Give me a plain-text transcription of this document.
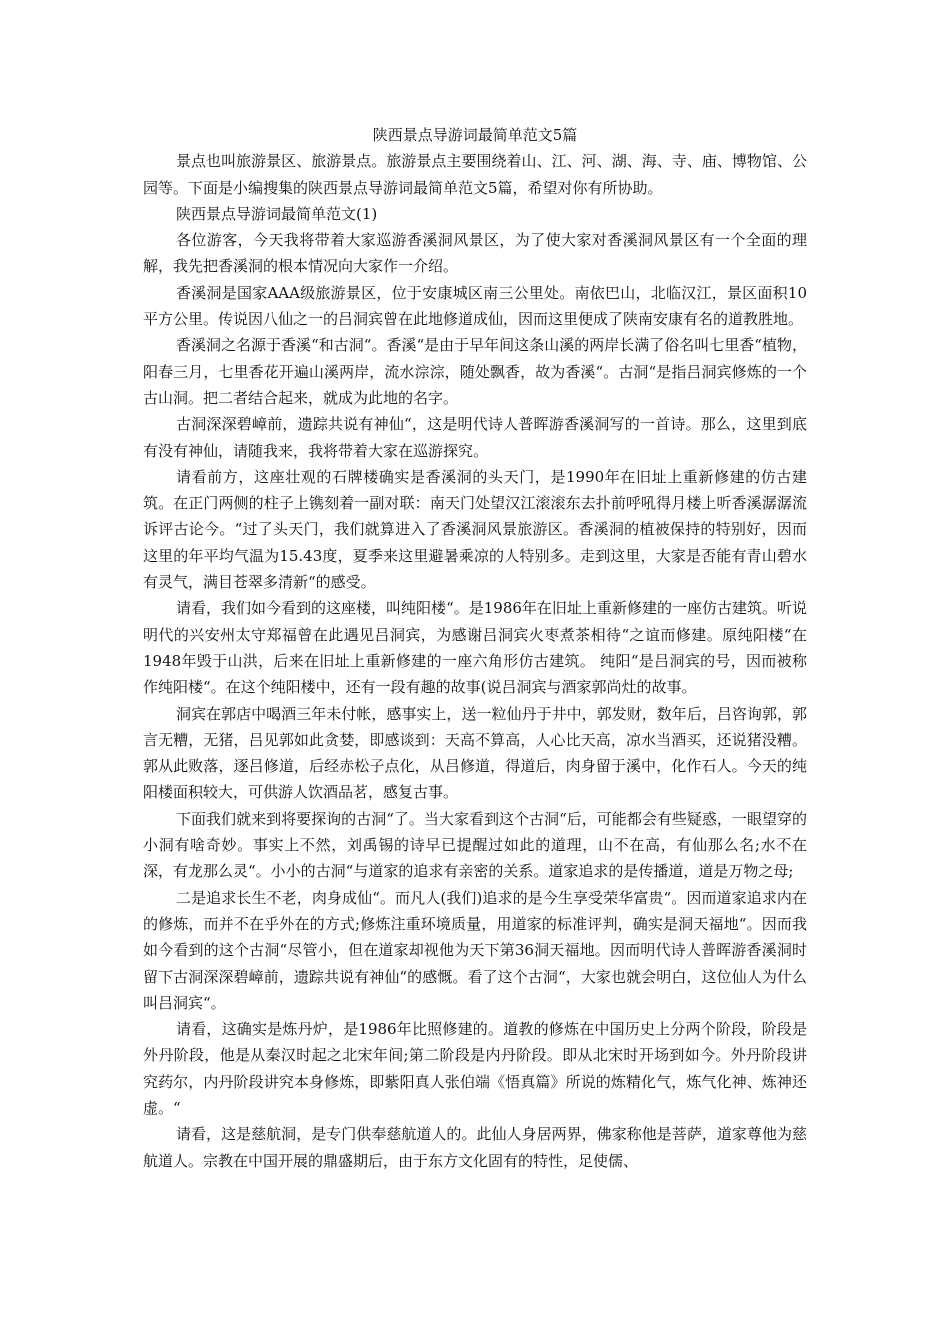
陕西景点导游词最简单范文5篇

景点也叫旅游景区、旅游景点。旅游景点主要围绕着山、江、河、湖、海、寺、庙、博物馆、公园等。下面是小编搜集的陕西景点导游词最简单范文5篇，希望对你有所协助。

陕西景点导游词最简单范文(1)

各位游客，今天我将带着大家巡游香溪洞风景区，为了使大家对香溪洞风景区有一个全面的理解，我先把香溪洞的根本情况向大家作一介绍。

香溪洞是国家AAA级旅游景区，位于安康城区南三公里处。南依巴山，北临汉江，景区面积10平方公里。传说因八仙之一的吕洞宾曾在此地修道成仙，因而这里便成了陕南安康有名的道教胜地。

香溪洞之名源于香溪“和古洞“。香溪“是由于早年间这条山溪的两岸长满了俗名叫七里香“植物，阳春三月，七里香花开遍山溪两岸，流水淙淙，随处飘香，故为香溪“。古洞“是指吕洞宾修炼的一个古山洞。把二者结合起来，就成为此地的名字。

古洞深深碧嶂前，遗踪共说有神仙“，这是明代诗人普晖游香溪洞写的一首诗。那么，这里到底有没有神仙，请随我来，我将带着大家在巡游探究。

请看前方，这座壮观的石牌楼确实是香溪洞的头天门，是1990年在旧址上重新修建的仿古建筑。在正门两侧的柱子上镌刻着一副对联：南天门处望汉江滚滚东去扑前呼吼得月楼上听香溪潺潺流诉评古论今。“过了头天门，我们就算进入了香溪洞风景旅游区。香溪洞的植被保持的特别好，因而这里的年平均气温为15.43度，夏季来这里避暑乘凉的人特别多。走到这里，大家是否能有青山碧水有灵气，满目苍翠多清新“的感受。

请看，我们如今看到的这座楼，叫纯阳楼“。是1986年在旧址上重新修建的一座仿古建筑。听说明代的兴安州太守郑福曾在此遇见吕洞宾，为感谢吕洞宾火枣煮茶相待“之谊而修建。原纯阳楼“在1948年毁于山洪，后来在旧址上重新修建的一座六角形仿古建筑。 纯阳“是吕洞宾的号，因而被称作纯阳楼“。在这个纯阳楼中，还有一段有趣的故事(说吕洞宾与酒家郭尚灶的故事。

洞宾在郭店中喝酒三年未付帐，感事实上，送一粒仙丹于井中，郭发财，数年后，吕咨询郭，郭言无糟，无猪，吕见郭如此贪婪，即感谈到：天高不算高，人心比天高，凉水当酒买，还说猪没糟。郭从此败落，逐吕修道，后经赤松子点化，从吕修道，得道后，肉身留于溪中，化作石人。今天的纯阳楼面积较大，可供游人饮酒品茗，感复古事。

下面我们就来到将要探询的古洞“了。当大家看到这个古洞“后，可能都会有些疑惑，一眼望穿的小洞有啥奇妙。事实上不然，刘禹锡的诗早已提醒过如此的道理，山不在高，有仙那么名;水不在深，有龙那么灵“。小小的古洞“与道家的追求有亲密的关系。道家追求的是传播道，道是万物之母;

二是追求长生不老，肉身成仙“。而凡人(我们)追求的是今生享受荣华富贵“。因而道家追求内在的修炼，而并不在乎外在的方式;修炼注重环境质量，用道家的标准评判，确实是洞天福地“。因而我如今看到的这个古洞“尽管小，但在道家却视他为天下第36洞天福地。因而明代诗人普晖游香溪洞时留下古洞深深碧嶂前，遗踪共说有神仙“的感慨。看了这个古洞“，大家也就会明白，这位仙人为什么叫吕洞宾“。

请看，这确实是炼丹炉，是1986年比照修建的。道教的修炼在中国历史上分两个阶段，阶段是外丹阶段，他是从秦汉时起之北宋年间;第二阶段是内丹阶段。即从北宋时开场到如今。外丹阶段讲究药尔，内丹阶段讲究本身修炼，即紫阳真人张伯端《悟真篇》所说的炼精化气，炼气化神、炼神还虚。“

请看，这是慈航洞，是专门供奉慈航道人的。此仙人身居两界，佛家称他是菩萨，道家尊他为慈航道人。宗教在中国开展的鼎盛期后，由于东方文化固有的特性，足使儒、
